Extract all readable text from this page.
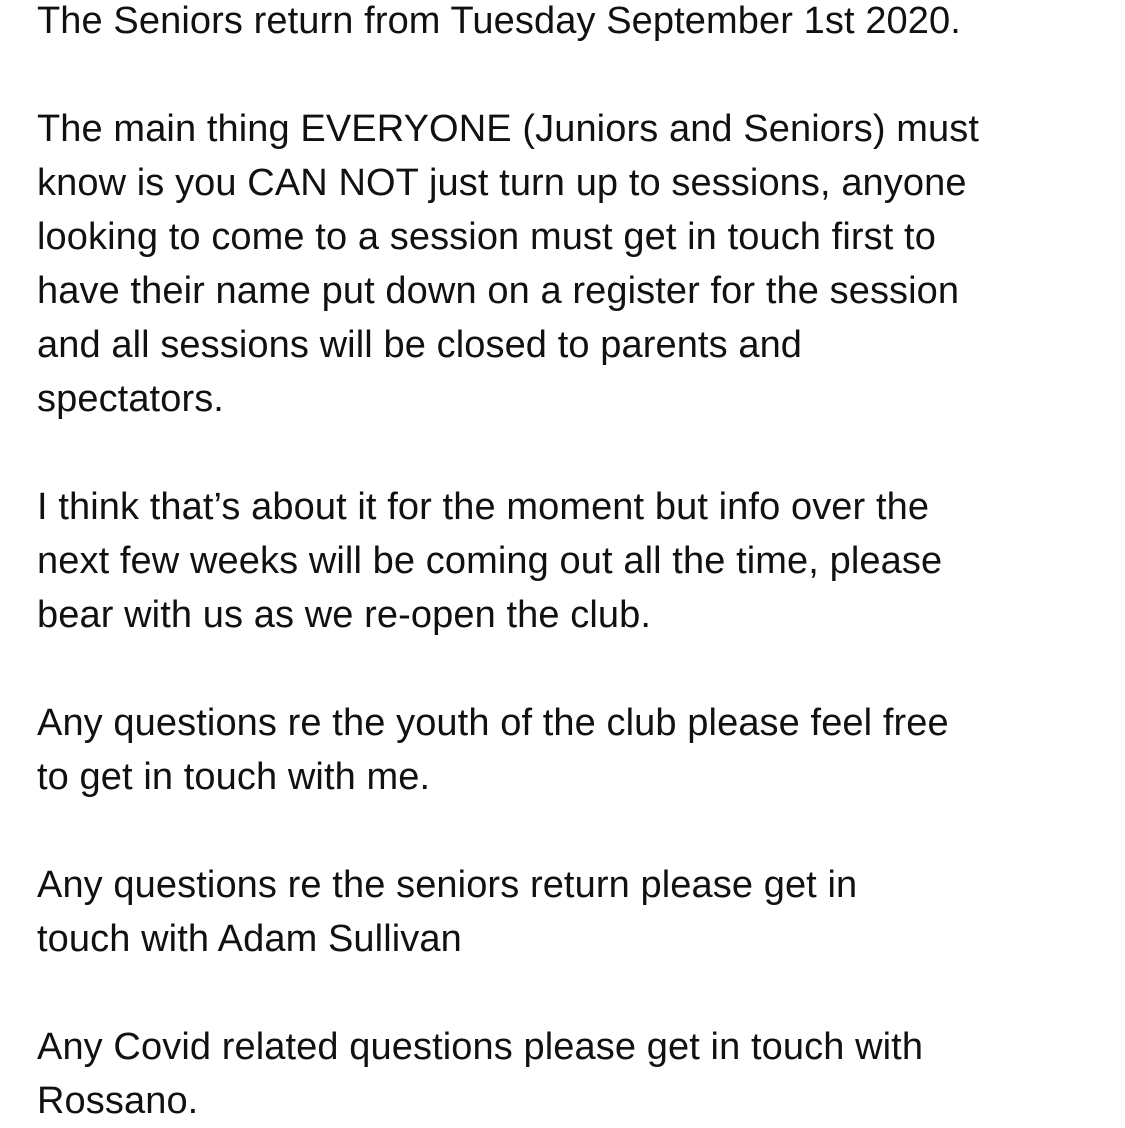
The Seniors return from Tuesday September 1st 2020.
The main thing EVERYONE (Juniors and Seniors) must
know is you CAN NOT just turn up to sessions, anyone
looking to come to a session must get in touch first to
have their name put down on a register for the session
and all sessions will be closed to parents and
spectators.
I think that’s about it for the moment but info over the
next few weeks will be coming out all the time, please
bear with us as we re-open the club.
Any questions re the youth of the club please feel free
to get in touch with me.
Any questions re the seniors return please get in
touch with Adam Sullivan
Any Covid related questions please get in touch with
Rossano.
